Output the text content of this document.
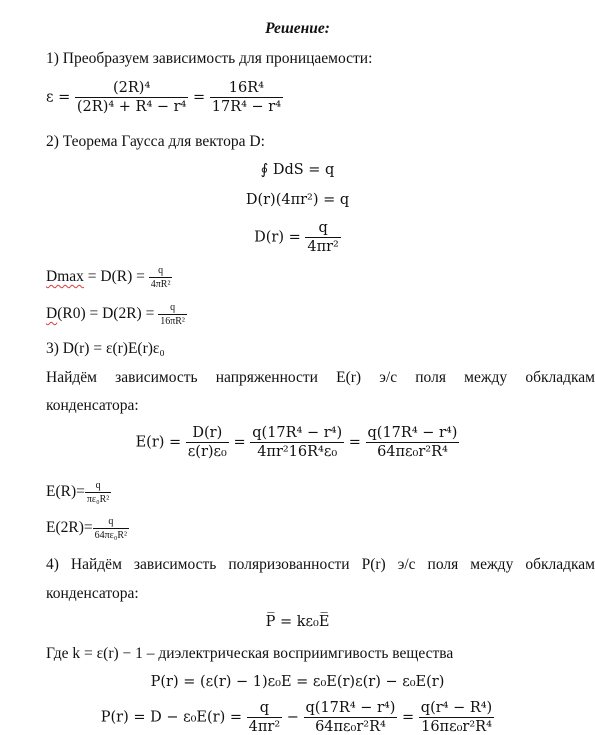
Решение:
1) Преобразуем зависимость для проницаемости:
$\varepsilon = \frac{\text{(2R)⁴}}{\text{(2R)⁴ + R⁴ − r⁴}} = \frac{\text{16R⁴}}{\text{17R⁴ − r⁴}}$
2) Теорема Гаусса для вектора D:
∮ DdS = q
D(r)(4πr²) = q
$D(r) = \frac{q}{\text{4πr²}}$
$Dmax = D(R) = \frac{q}{\text{4πR²}}$
$D(R0) = D(2R) = \frac{q}{\text{16πR²}}$
3) D(r) = ε(r)E(r)ε₀
Найдём зависимость напряженности E(r) э/с поля между обкладкам
конденсатора:
$E(r) = \frac{D(r)}{\text{ε(r)ε₀}} = \frac{\text{q(17R⁴ − r⁴)}}{\text{4πr²16R⁴ε₀}} = \frac{\text{q(17R⁴ − r⁴)}}{\text{64πε₀r²R⁴}}$
$E(R)= \frac{q}{\text{πε₀R²}}$
$E(2R)= \frac{q}{\text{64πε₀R²}}$
4) Найдём зависимость поляризованности P(r) э/с поля между обкладкам
конденсатора:
P̅ = kε₀E̅
Где k = ε(r) − 1 – диэлектрическая восприимгивость вещества
P(r) = (ε(r) − 1)ε₀E = ε₀E(r)ε(r) − ε₀E(r)
$P(r) = D - \varepsilon_0E(r) = \frac{q}{\text{4πr²}} - \frac{\text{q(17R⁴ − r⁴)}}{\text{64πε₀r²R⁴}} = \frac{\text{q(r⁴ − R⁴)}}{\text{16πε₀r²R⁴}}$
